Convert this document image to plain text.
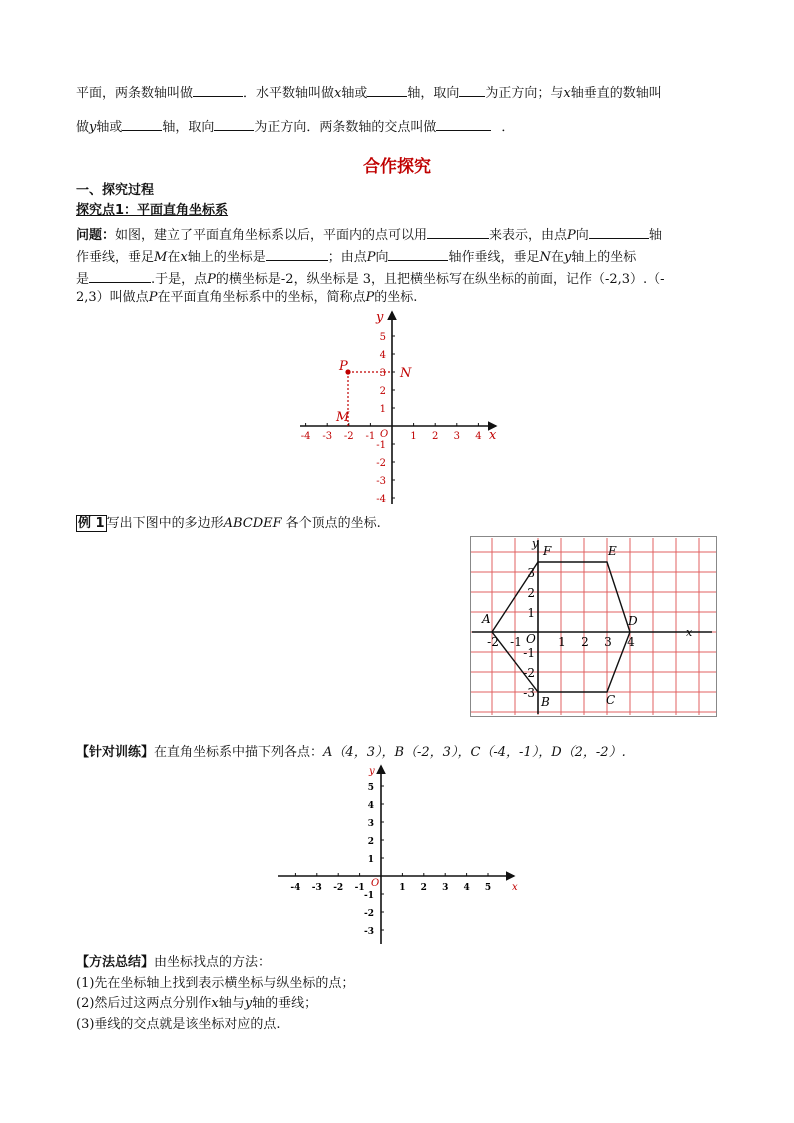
平面，两条数轴叫做	．水平数轴叫做x轴或	轴，取向 为正方向；与x轴垂直的数轴叫
做y轴或	轴，取向	为正方向．两条数轴的交点叫做	．
合作探究
一、探究过程
探究点1：平面直角坐标系
问题：如图，建立了平面直角坐标系以后，平面内的点可以用	来表示，由点P向	轴
作垂线，垂足M在x轴上的坐标是	；由点P向	轴作垂线，垂足N在y轴上的坐标
是	.于是，点P的横坐标是-2，纵坐标是 3，且把横坐标写在纵坐标的前面，记作（-2,3）.（-
2,3）叫做点P在平面直角坐标系中的坐标，简称点P的坐标.
-4 -3 -2 -1	1 2 3 4
5
4
3
2
1
-1
-2
-3
-4
P	N
M
x
y
O
例 1 写出下图中的多边形ABCDEF 各个顶点的坐标.
-2 -1	1 2 3 4
3
2
1
-1
-2
-3
A
B	C
D
E
F
x
y
O
【针对训练】在直角坐标系中描下列各点：A（4，3），B（-2，3），C（-4，-1），D（2，-2）.
-4 -3 -2 -1	1 2 3 4 5
5
4
3
2
1
-1
-2
-3
x
y
O
【方法总结】由坐标找点的方法：
(1)先在坐标轴上找到表示横坐标与纵坐标的点；
(2)然后过这两点分别作x轴与y轴的垂线；
(3)垂线的交点就是该坐标对应的点.
